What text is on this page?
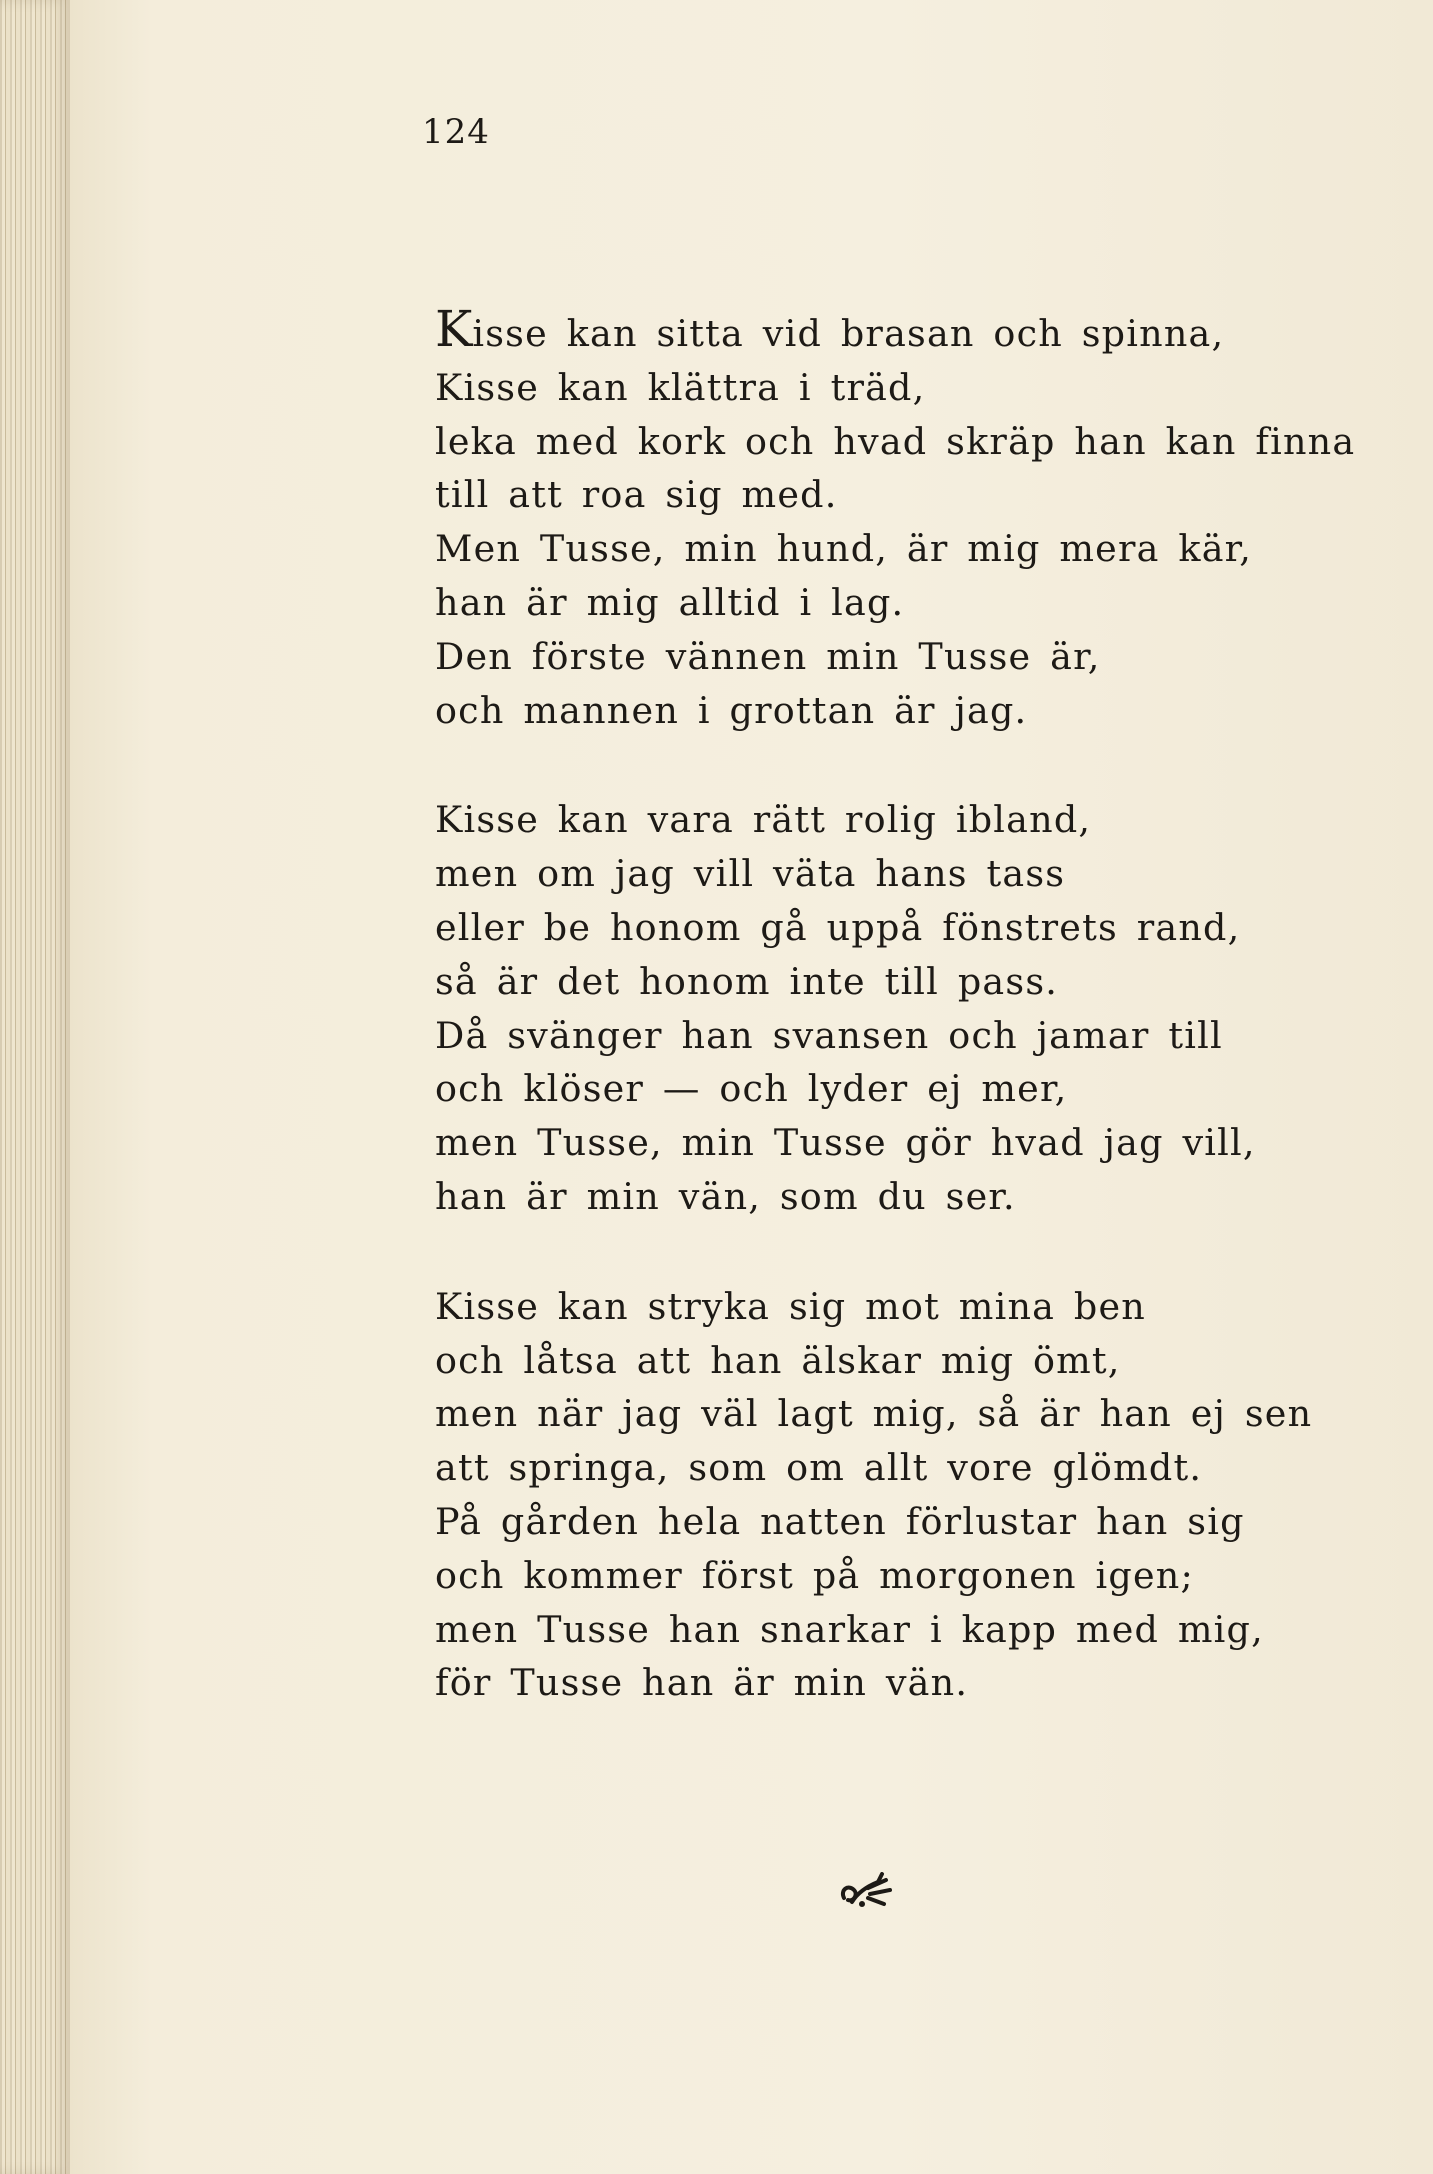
124

Kisse kan sitta vid brasan och spinna,
Kisse kan klättra i träd,
leka med kork och hvad skräp han kan finna
till att roa sig med.
Men Tusse, min hund, är mig mera kär,
han är mig alltid i lag.
Den förste vännen min Tusse är,
och mannen i grottan är jag.
Kisse kan vara rätt rolig ibland,
men om jag vill väta hans tass
eller be honom gå uppå fönstrets rand,
så är det honom inte till pass.
Då svänger han svansen och jamar till
och klöser — och lyder ej mer,
men Tusse, min Tusse gör hvad jag vill,
han är min vän, som du ser.
Kisse kan stryka sig mot mina ben
och låtsa att han älskar mig ömt,
men när jag väl lagt mig, så är han ej sen
att springa, som om allt vore glömdt.
På gården hela natten förlustar han sig
och kommer först på morgonen igen;
men Tusse han snarkar i kapp med mig,
för Tusse han är min vän.
